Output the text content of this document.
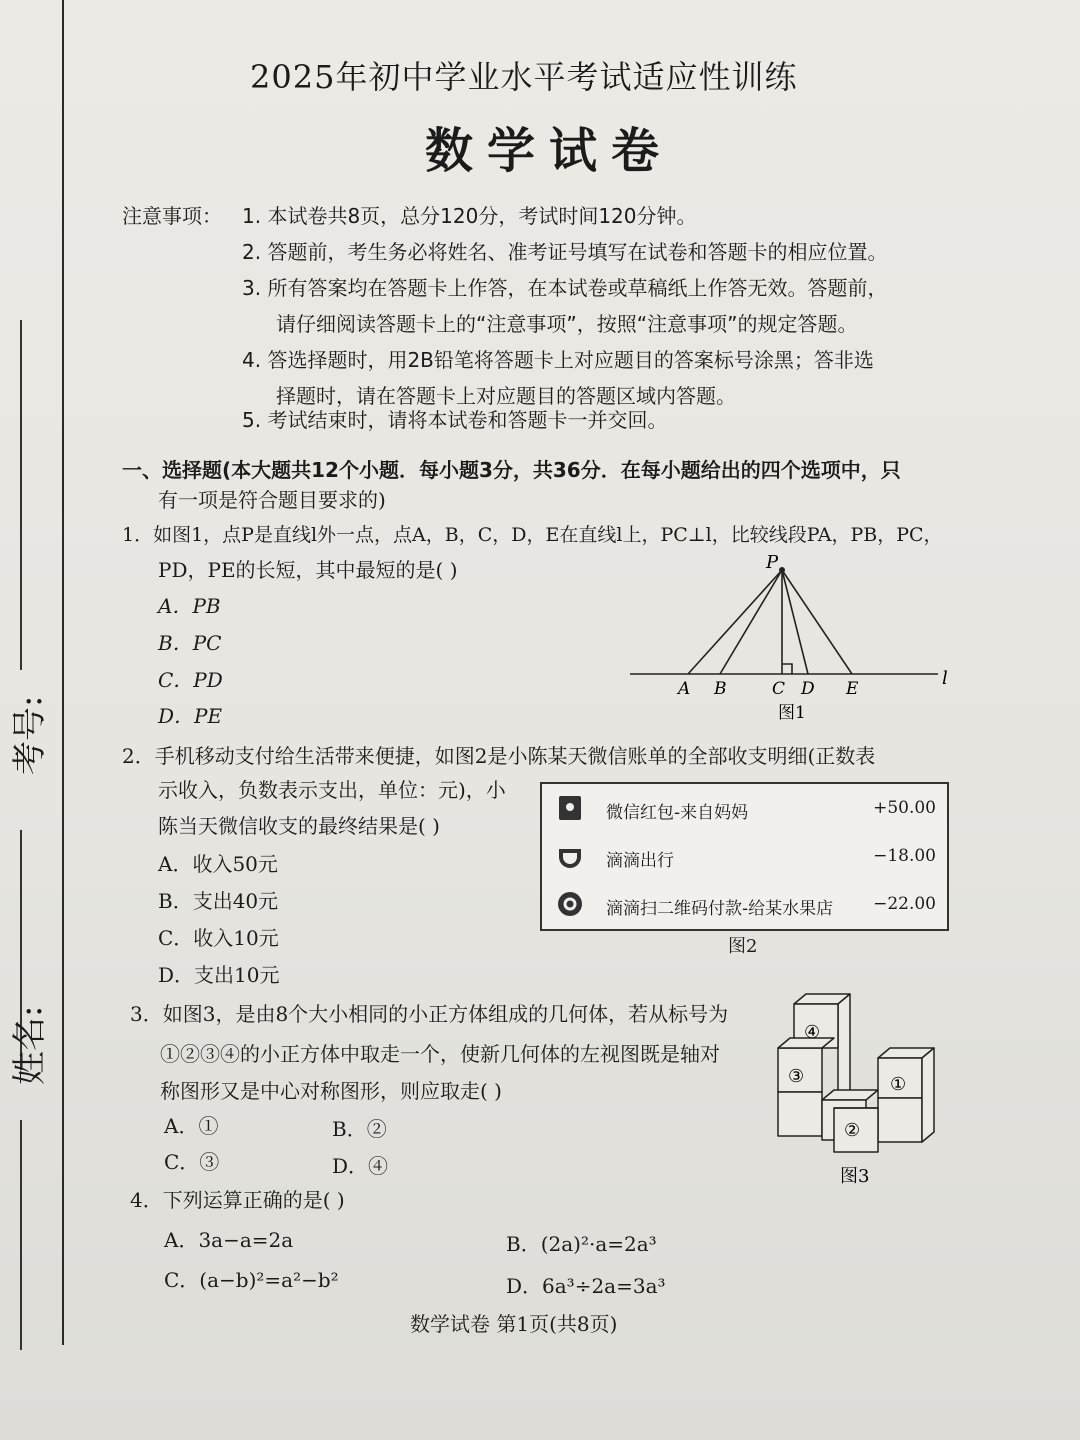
姓名:
考号:
2025年初中学业水平考试适应性训练
数学试卷
注意事项： 1. 本试卷共8页，总分120分，考试时间120分钟。
2. 答题前，考生务必将姓名、准考证号填写在试卷和答题卡的相应位置。
3. 所有答案均在答题卡上作答，在本试卷或草稿纸上作答无效。答题前，
请仔细阅读答题卡上的“注意事项”，按照“注意事项”的规定答题。
4. 答选择题时，用2B铅笔将答题卡上对应题目的答案标号涂黑；答非选
择题时，请在答题卡上对应题目的答题区域内答题。
5. 考试结束时，请将本试卷和答题卡一并交回。
一、选择题(本大题共12个小题．每小题3分，共36分．在每小题给出的四个选项中，只
有一项是符合题目要求的)
1．如图1，点P是直线l外一点，点A，B，C，D，E在直线l上，PC⊥l，比较线段PA，PB，PC，
PD，PE的长短，其中最短的是( )
A．PB
B．PC
C．PD
D．PE
P
l
A B	C D E
图1
2．手机移动支付给生活带来便捷，如图2是小陈某天微信账单的全部收支明细(正数表
示收入，负数表示支出，单位：元)，小
陈当天微信收支的最终结果是( )
A．收入50元
B．支出40元
C．收入10元
D．支出10元
微信红包-来自妈妈	+50.00
滴滴出行	−18.00
滴滴扫二维码付款-给某水果店 −22.00
图2
3．如图3，是由8个大小相同的小正方体组成的几何体，若从标号为
①②③④的小正方体中取走一个，使新几何体的左视图既是轴对
称图形又是中心对称图形，则应取走( )
A．①	B．②
C．③	D．④
④
③	①
②
图3
4．下列运算正确的是( )
A．3a−a=2a	B．(2a)²·a=2a³
C．(a−b)²=a²−b²	D．6a³÷2a=3a³
数学试卷 第1页(共8页)
